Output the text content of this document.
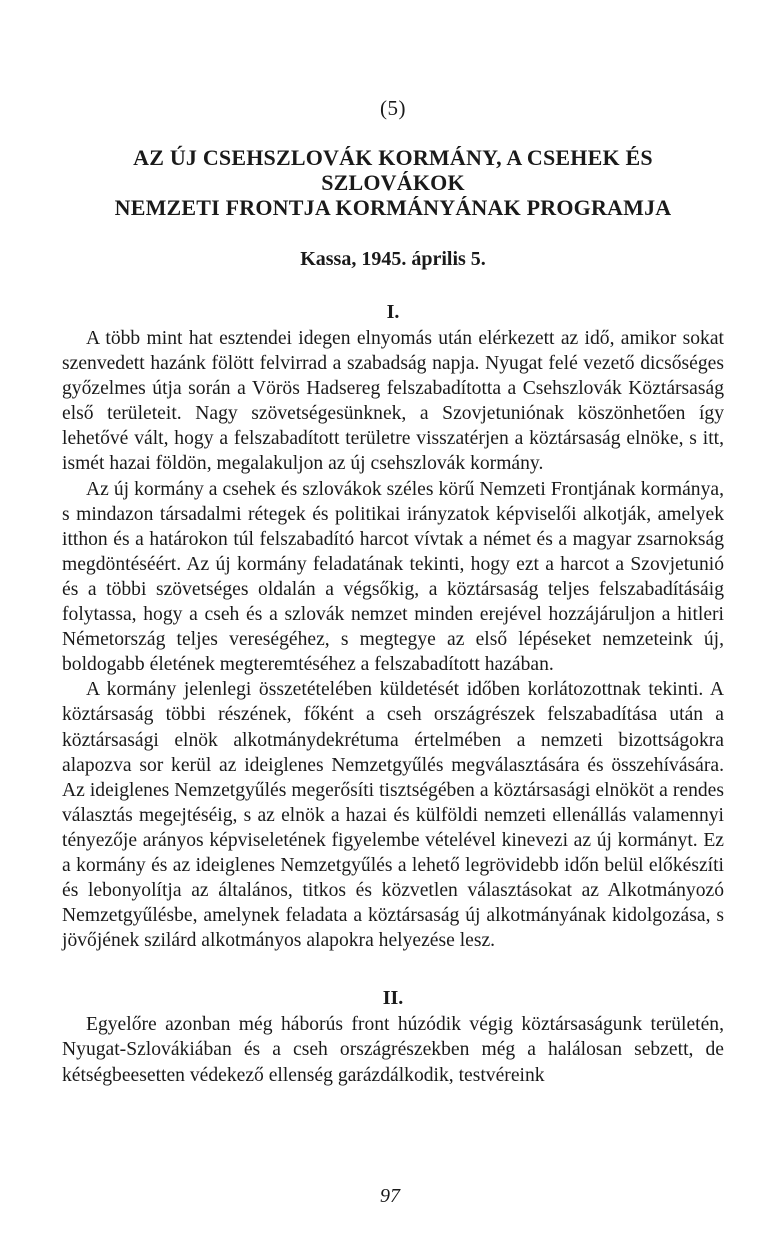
(5)
AZ ÚJ CSEHSZLOVÁK KORMÁNY, A CSEHEK ÉS SZLOVÁKOK
NEMZETI FRONTJA KORMÁNYÁNAK PROGRAMJA
Kassa, 1945. április 5.
I.

A több mint hat esztendei idegen elnyomás után elérkezett az idő, amikor sokat szenvedett hazánk fölött felvirrad a szabadság napja. Nyugat felé vezető dicsőséges győzelmes útja során a Vörös Hadsereg felszabadította a Csehszlovák Köztársaság első területeit. Nagy szövetségesünknek, a Szovjetuniónak köszönhetően így lehetővé vált, hogy a felszabadított területre visszatérjen a köztársaság elnöke, s itt, ismét hazai földön, megalakuljon az új csehszlovák kormány.

Az új kormány a csehek és szlovákok széles körű Nemzeti Frontjának kormánya, s mindazon társadalmi rétegek és politikai irányzatok képviselői alkotják, amelyek itthon és a határokon túl felszabadító harcot vívtak a német és a magyar zsarnokság megdöntéséért. Az új kormány feladatának tekinti, hogy ezt a harcot a Szovjetunió és a többi szövetséges oldalán a végsőkig, a köztársaság teljes felszabadításáig folytassa, hogy a cseh és a szlovák nemzet minden erejével hozzájáruljon a hitleri Németország teljes vereségéhez, s megtegye az első lépéseket nemzeteink új, boldogabb életének megteremtéséhez a felszabadított hazában.

A kormány jelenlegi összetételében küldetését időben korlátozottnak tekinti. A köztársaság többi részének, főként a cseh országrészek felszabadítása után a köztársasági elnök alkotmánydekrétuma értelmében a nemzeti bizottságokra alapozva sor kerül az ideiglenes Nemzetgyűlés megválasztására és összehívására. Az ideiglenes Nemzetgyűlés megerősíti tisztségében a köztársasági elnököt a rendes választás megejtéséig, s az elnök a hazai és külföldi nemzeti ellenállás valamennyi tényezője arányos képviseletének figyelembe vételével kinevezi az új kormányt. Ez a kormány és az ideiglenes Nemzetgyűlés a lehető legrövidebb időn belül előkészíti és lebonyolítja az általános, titkos és közvetlen választásokat az Alkotmányozó Nemzetgyűlésbe, amelynek feladata a köztársaság új alkotmányának kidolgozása, s jövőjének szilárd alkotmányos alapokra helyezése lesz.

II.

Egyelőre azonban még háborús front húzódik végig köztársaságunk területén, Nyugat-Szlovákiában és a cseh országrészekben még a halálosan sebzett, de kétségbeesetten védekező ellenség garázdálkodik, testvéreink

97
